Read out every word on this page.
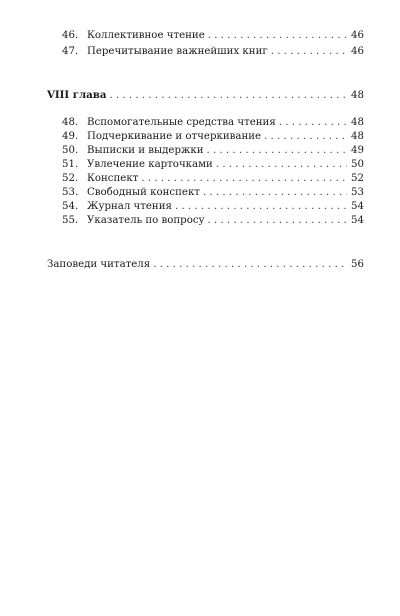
46. Коллективное чтение . . .	46
47. Перечитывание важнейших книг . . .	46
VIII глава . . .	48
48. Вспомогательные средства чтения . . .	48
49. Подчеркивание и отчеркивание . . .	48
50. Выписки и выдержки . . .	49
51. Увлечение карточками . . .	50
52. Конспект . . .	52
53. Свободный конспект . . .	53
54. Журнал чтения . . .	54
55. Указатель по вопросу . . .	54
Заповеди читателя . . .	56
